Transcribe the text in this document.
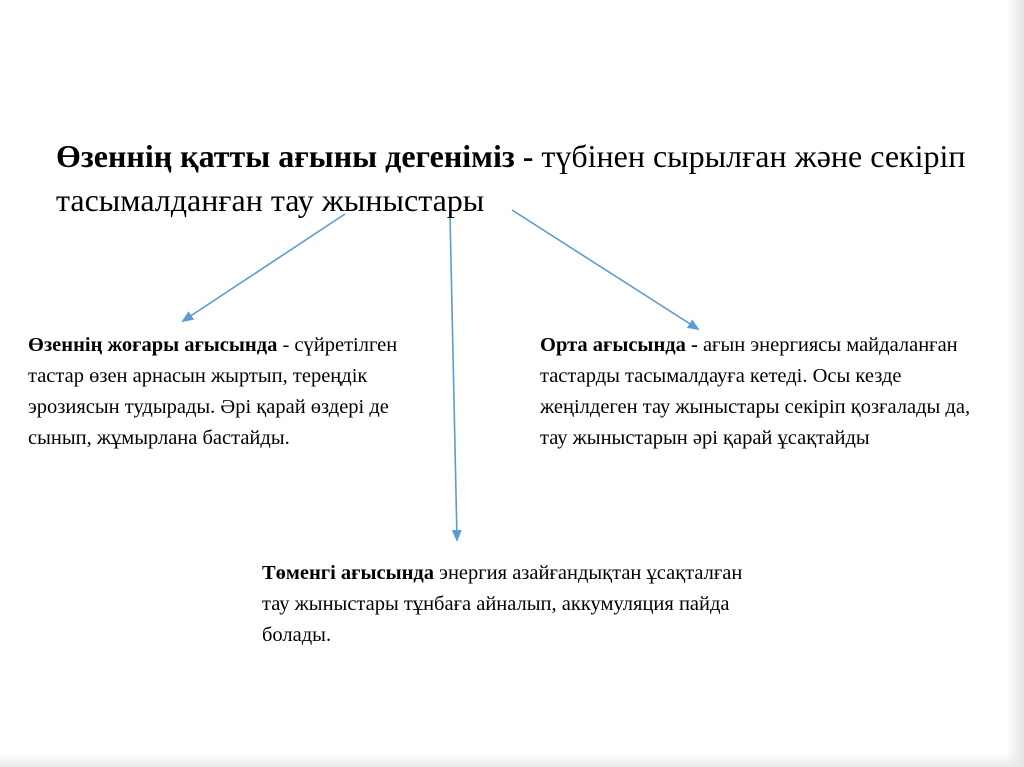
Өзеннің қатты ағыны дегеніміз - түбінен сырылған және секіріп тасымалданған тау жыныстары
Өзеннің жоғары ағысында - сүйретілген тастар өзен арнасын жыртып, тереңдік эрозиясын тудырады. Әрі қарай өздері де сынып, жұмырлана бастайды.
Орта ағысында - ағын энергиясы майдаланған тастарды тасымалдауға кетеді. Осы кезде жеңілдеген тау жыныстары секіріп қозғалады да, тау жыныстарын әрі қарай ұсақтайды
Төменгі ағысында энергия азайғандықтан ұсақталған тау жыныстары тұнбаға айналып, аккумуляция пайда болады.
